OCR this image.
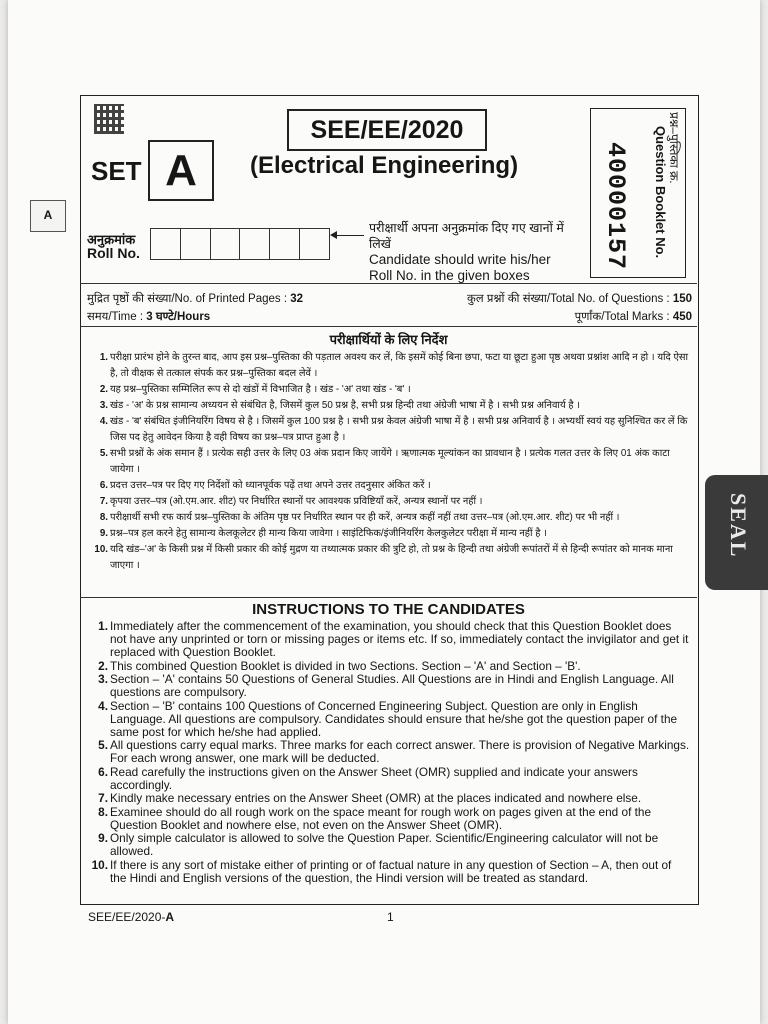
A
SEE/EE/2020
SET A	(Electrical Engineering)
अनुक्रमांक
Roll No.
परीक्षार्थी अपना अनुक्रमांक दिए गए खानों में लिखें
Candidate should write his/her
Roll No. in the given boxes
प्रश्न–पुस्तिका क्र.
Question Booklet No.
40000157
मुद्रित पृष्ठों की संख्या/No. of Printed Pages : 32
समय/Time : 3 घण्टे/Hours
कुल प्रश्नों की संख्या/Total No. of Questions : 150
पूर्णांक/Total Marks : 450
परीक्षार्थियों के लिए निर्देश
1. परीक्षा प्रारंभ होने के तुरन्त बाद, आप इस प्रश्न–पुस्तिका की पड़ताल अवश्य कर लें, कि इसमें कोई बिना छपा, फटा या छूटा हुआ पृष्ठ अथवा प्रश्नांश आदि न हो । यदि ऐसा है, तो वीक्षक से तत्काल संपर्क कर प्रश्न–पुस्तिका बदल लेवें ।
2. यह प्रश्न–पुस्तिका सम्मिलित रूप से दो खंडों में विभाजित है । खंड - 'अ' तथा खंड - 'ब' ।
3. खंड - 'अ' के प्रश्न सामान्य अध्ययन से संबंधित है, जिसमें कुल 50 प्रश्न है, सभी प्रश्न हिन्दी तथा अंग्रेजी भाषा में है । सभी प्रश्न अनिवार्य है ।
4. खंड - 'ब' संबंधित इंजीनियरिंग विषय से है । जिसमें कुल 100 प्रश्न है । सभी प्रश्न केवल अंग्रेजी भाषा में है । सभी प्रश्न अनिवार्य है । अभ्यर्थी स्वयं यह सुनिश्चित कर लें कि जिस पद हेतु आवेदन किया है वही विषय का प्रश्न–पत्र प्राप्त हुआ है ।
5. सभी प्रश्नों के अंक समान हैं । प्रत्येक सही उत्तर के लिए 03 अंक प्रदान किए जायेंगे । ऋणात्मक मूल्यांकन का प्रावधान है । प्रत्येक गलत उत्तर के लिए 01 अंक काटा जायेगा ।
6. प्रदत्त उत्तर–पत्र पर दिए गए निर्देशों को ध्यानपूर्वक पढ़ें तथा अपने उत्तर तदनुसार अंकित करें ।
7. कृपया उत्तर–पत्र (ओ.एम.आर. शीट) पर निर्धारित स्थानों पर आवश्यक प्रविष्टियाँ करें, अन्यत्र स्थानों पर नहीं ।
8. परीक्षार्थी सभी रफ कार्य प्रश्न–पुस्तिका के अंतिम पृष्ठ पर निर्धारित स्थान पर ही करें, अन्यत्र कहीं नहीं तथा उत्तर–पत्र (ओ.एम.आर. शीट) पर भी नहीं ।
9. प्रश्न–पत्र हल करने हेतु सामान्य केलकूलेटर ही मान्य किया जावेगा । साइंटिफिक/इंजीनियरिंग केलकुलेटर परीक्षा में मान्य नहीं है ।
10. यदि खंड–'अ' के किसी प्रश्न में किसी प्रकार की कोई मुद्रण या तथ्यात्मक प्रकार की त्रुटि हो, तो प्रश्न के हिन्दी तथा अंग्रेजी रूपांतरों में से हिन्दी रूपांतर को मानक माना जाएगा ।
INSTRUCTIONS TO THE CANDIDATES
1. Immediately after the commencement of the examination, you should check that this Question Booklet does not have any unprinted or torn or missing pages or items etc. If so, immediately contact the invigilator and get it replaced with Question Booklet.
2. This combined Question Booklet is divided in two Sections. Section – 'A' and Section – 'B'.
3. Section – 'A' contains 50 Questions of General Studies. All Questions are in Hindi and English Language. All questions are compulsory.
4. Section – 'B' contains 100 Questions of Concerned Engineering Subject. Question are only in English Language. All questions are compulsory. Candidates should ensure that he/she got the question paper of the same post for which he/she had applied.
5. All questions carry equal marks. Three marks for each correct answer. There is provision of Negative Markings. For each wrong answer, one mark will be deducted.
6. Read carefully the instructions given on the Answer Sheet (OMR) supplied and indicate your answers accordingly.
7. Kindly make necessary entries on the Answer Sheet (OMR) at the places indicated and nowhere else.
8. Examinee should do all rough work on the space meant for rough work on pages given at the end of the Question Booklet and nowhere else, not even on the Answer Sheet (OMR).
9. Only simple calculator is allowed to solve the Question Paper. Scientific/Engineering calculator will not be allowed.
10. If there is any sort of mistake either of printing or of factual nature in any question of Section – A, then out of the Hindi and English versions of the question, the Hindi version will be treated as standard.
SEE/EE/2020-A	1
SEAL
